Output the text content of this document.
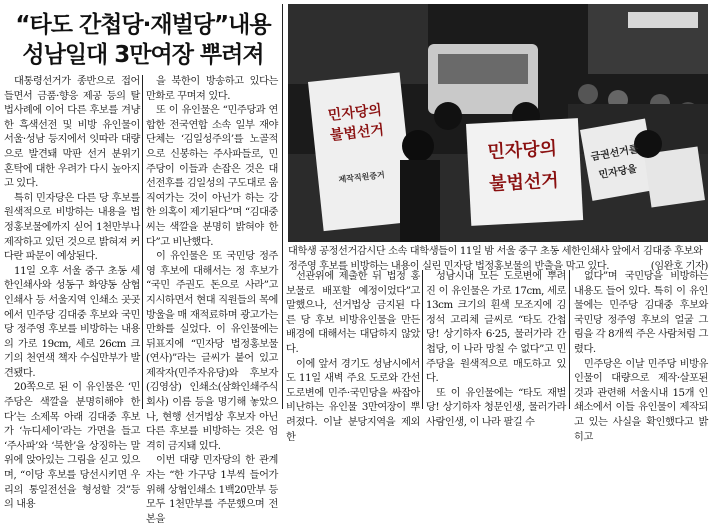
“타도 간첩당·재벌당”내용
성남일대 3만여장 뿌려져

대통령선거가 종반으로 접어들면서 금품·향응 제공 등의 탈법사례에 이어 다른 후보를 겨냥한 흑색선전 및 비방 유인물이 서울·성남 등지에서 잇따라 대량으로 발견돼 막판 선거 분위기 혼탁에 대한 우려가 다시 높아지고 있다.

특히 민자당은 다른 당 후보를 원색적으로 비방하는 내용을 법정홍보물에까지 싣어 1천만부나 제작하고 있던 것으로 밝혀져 커다란 파문이 예상된다.

11일 오후 서울 중구 초동 세한인쇄사와 성동구 화양동 삼협인쇄사 등 서울지역 인쇄소 곳곳에서 민주당 김대중 후보와 국민당 정주영 후보를 비방하는 내용의 가로 19cm, 세로 26cm 크기의 천연색 책자 수십만부가 발견됐다.

20쪽으로 된 이 유인물은 ‘민주당은 색깔을 분명히해야 한다’는 소제목 아래 김대중 후보가 ‘뉴디세이’라는 가면을 들고 ‘주사파’와 ‘북한’을 상징하는 말 위에 앉아있는 그림을 싣고 있으며, “이당 후보를 당선시키면 우리의 통일전선을 형성할 것”등의 내용

을 북한이 방송하고 있다는 만화로 꾸며져 있다.

또 이 유인물은 “민주당과 연합한 전국연합 소속 일부 재야단체는 ‘김일성주의’를 노골적으로 신봉하는 주사파들로, 민주당이 이들과 손잡은 것은 대선전후를 김일성의 구도대로 움직여가는 것이 아닌가 하는 강한 의혹이 제기된다”며 “김대중씨는 색깔을 분명히 밝혀야 한다”고 비난했다.

이 유인물은 또 국민당 정주영 후보에 대해서는 정 후보가 “국민 주권도 돈으로 사라”고 지시하면서 현대 직원들의 목에 방울을 매 재적료하며 광고가는 만화를 실었다. 이 유인물에는 뒤표지에 “민자당 법정홍보물(연사)”라는 글씨가 붙어 있고 제작자(민주자유당)와 후보자(김영삼) 인쇄소(삼화인쇄주식회사) 이름 등을 명기해 놓았으나, 현행 선거법상 후보자 아닌 다른 후보를 비방하는 것은 엄격히 금지돼 있다.

이번 대량 민자당의 한 관계자는 “한 가구당 1부씩 들어가 위해 상협인쇄소 1백20만부 등 모두 1천만부를 주문했으며 전본을

선관위에 제출한 뒤 법정 홍보물로 배포할 예정이었다”고 말했으나, 선거법상 금지된 다른 당 후보 비방유인물을 만든 배경에 대해서는 대답하지 않았다.

이에 앞서 경기도 성남시에서도 11일 새벽 주요 도로와 간선도로변에 민주·국민당을 싸잡아 비난하는 유인물 3만여장이 뿌려졌다. 이날 분당지역을 제외한

성남시내 모든 도로변에 뿌려진 이 유인물은 가로 17cm, 세로 13cm 크기의 흰색 모조지에 김정석 고리체 글씨로 “타도 간첩당! 상기하자 6·25, 물러가라 간첩당, 이 나라 망칠 수 없다”고 민주당을 원색적으로 매도하고 있다.

또 이 유인물에는 “타도 재벌당! 상기하자 청문인생, 물러가라 사람인생, 이 나라 팔길 수

없다”며 국민당을 비방하는 내용도 들어 있다. 특히 이 유인물에는 민주당 김대중 후보와 국민당 정주영 후보의 얼굴 그림을 각 8개씩 주은 사람처럼 그렸다.

민주당은 이날 민주당 비방유인물이 대량으로 제작·살포된 것과 관련해 서울시내 15개 인쇄소에서 이들 유인물이 제작되고 있는 사실을 확인했다고 밝히고

민자당의
불법선거
제작직원증거
민자당의
불법선거
금권선거를
민자당을
대학생 공정선거감시단 소속 대학생들이 11일 밤 서울 중구 초동 세한인쇄사 앞에서 김대중 후보와 정주영 후보를 비방하는 내용이 실린 민자당 법정홍보물의 반출을 막고 있다.	(임완호 기자)
